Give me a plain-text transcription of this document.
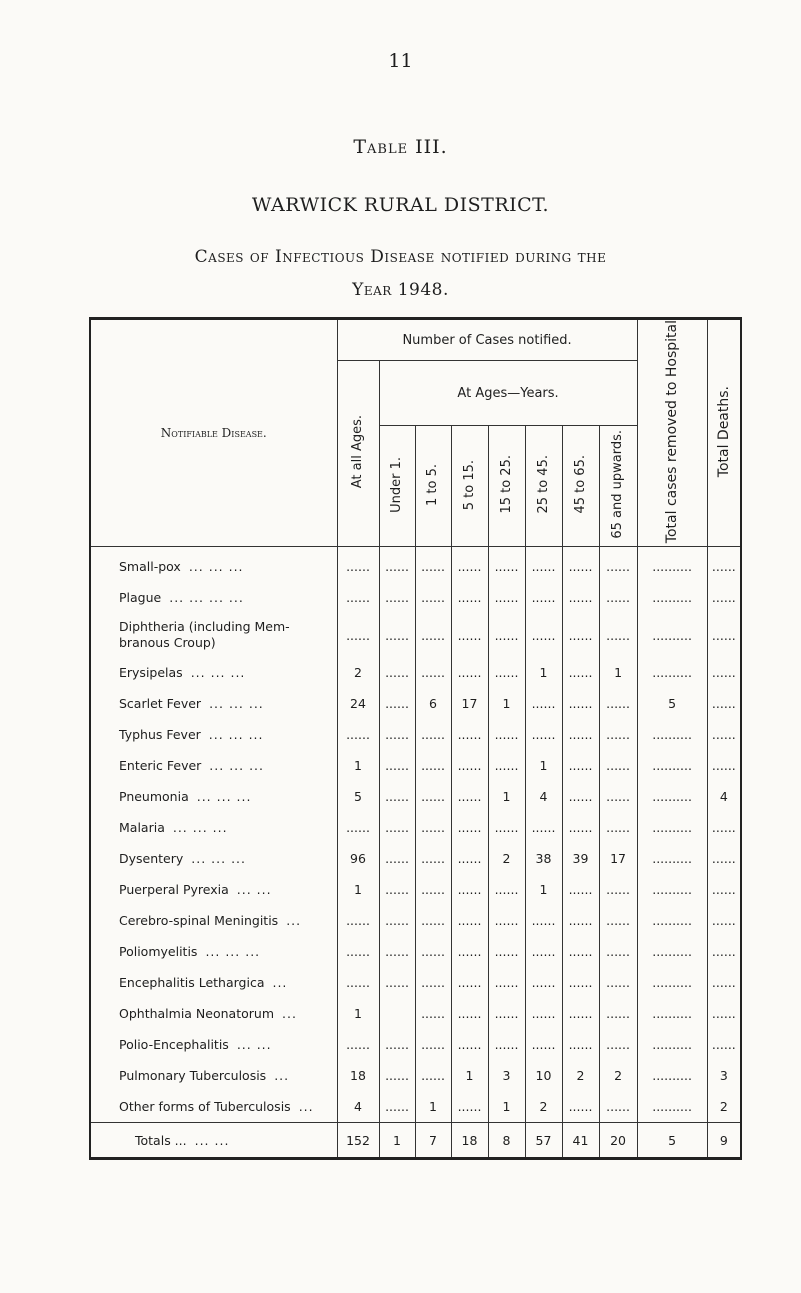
11
Table III.
WARWICK RURAL DISTRICT.
Cases of Infectious Disease notified during the
Year 1948.
Notifiable Disease.	Number of Cases notified.								Total cases removed to Hospital	Total Deaths.
	At all Ages.	At Ages—Years.								
		Under 1.	1 to 5.	5 to 15.	15 to 25.	25 to 45.	45 to 65.	65 and upwards.		
Small-pox ... ... ...	......	......	......	......	......	......	......	......	..........	......
Plague ... ... ... ...	......	......	......	......	......	......	......	......	..........	......
Diphtheria (including Mem-branous Croup)	......	......	......	......	......	......	......	......	..........	......
Erysipelas ... ... ...	2	......	......	......	......	1	......	1	..........	......
Scarlet Fever ... ... ...	24	......	6	17	1	......	......	......	5	......
Typhus Fever ... ... ...	......	......	......	......	......	......	......	......	..........	......
Enteric Fever ... ... ...	1	......	......	......	......	1	......	......	..........	......
Pneumonia ... ... ...	5	......	......	......	1	4	......	......	..........	4
Malaria ... ... ...	......	......	......	......	......	......	......	......	..........	......
Dysentery ... ... ...	96	......	......	......	2	38	39	17	..........	......
Puerperal Pyrexia ... ...	1	......	......	......	......	1	......	......	..........	......
Cerebro-spinal Meningitis ...	......	......	......	......	......	......	......	......	..........	......
Poliomyelitis ... ... ...	......	......	......	......	......	......	......	......	..........	......
Encephalitis Lethargica ...	......	......	......	......	......	......	......	......	..........	......
Ophthalmia Neonatorum ...	1		......	......	......	......	......	......	..........	......
Polio-Encephalitis ... ...	......	......	......	......	......	......	......	......	..........	......
Pulmonary Tuberculosis ...	18	......	......	1	3	10	2	2	..........	3
Other forms of Tuberculosis ...	4	......	1	......	1	2	......	......	..........	2
Totals ... ... ...	152	1	7	18	8	57	41	20	5	9
